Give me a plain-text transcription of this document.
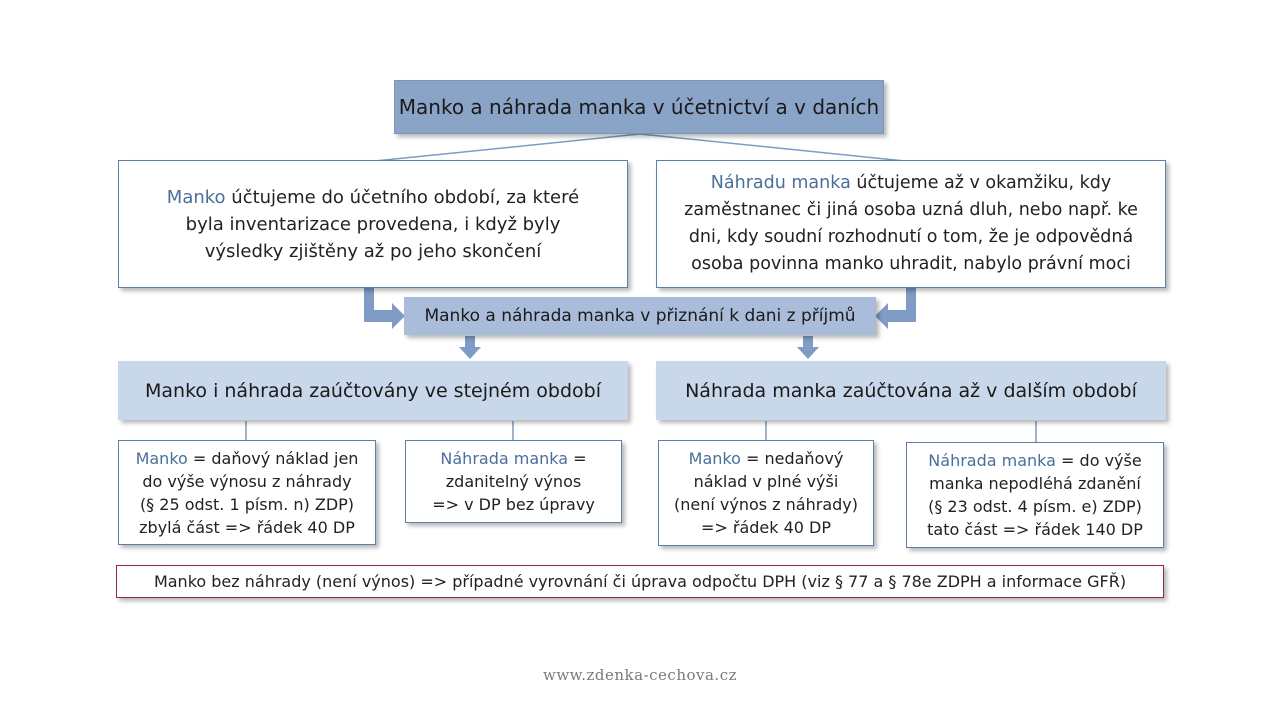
Manko a náhrada manka v účetnictví a v daních

Manko účtujeme do účetního období, za které

byla inventarizace provedena, i když byly

výsledky zjištěny až po jeho skončení

Náhradu manka účtujeme až v okamžiku, kdy

zaměstnanec či jiná osoba uzná dluh, nebo např. ke

dni, kdy soudní rozhodnutí o tom, že je odpovědná

osoba povinna manko uhradit, nabylo právní moci

Manko a náhrada manka v přiznání k dani z příjmů
Manko i náhrada zaúčtovány ve stejném období	Náhrada manka zaúčtována až v dalším období

Manko = daňový náklad jen

do výše výnosu z náhrady

(§ 25 odst. 1 písm. n) ZDP)

zbylá část => řádek 40 DP

Náhrada manka =

zdanitelný výnos

=> v DP bez úpravy

Manko = nedaňový

náklad v plné výši

(není výnos z náhrady)

=> řádek 40 DP

Náhrada manka = do výše

manka nepodléhá zdanění

(§ 23 odst. 4 písm. e) ZDP)

tato část => řádek 140 DP

Manko bez náhrady (není výnos) => případné vyrovnání či úprava odpočtu DPH (viz § 77 a § 78e ZDPH a informace GFŘ)
www.zdenka-cechova.cz
